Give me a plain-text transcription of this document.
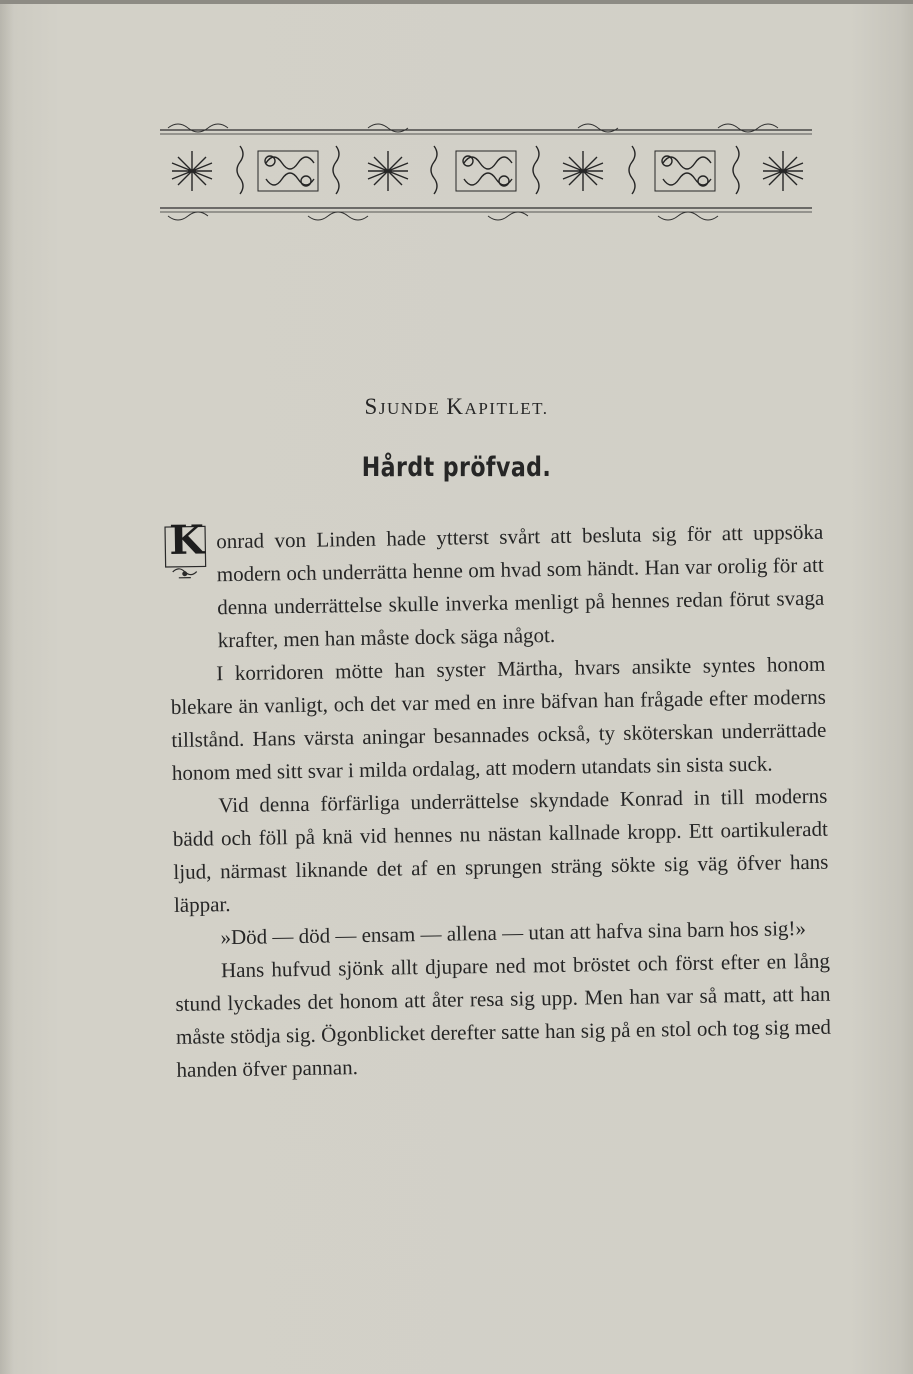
SJUNDE KAPITLET.
Hårdt pröfvad.
K onrad von Linden hade ytterst svårt att besluta sig för att uppsöka modern och underrätta henne om hvad som händt. Han var orolig för att denna underrättelse skulle inverka menligt på hennes redan förut svaga krafter, men han måste dock säga något.

I korridoren mötte han syster Märtha, hvars ansikte syntes honom blekare än vanligt, och det var med en inre bäfvan han frågade efter moderns tillstånd. Hans värsta aningar besannades också, ty sköterskan underrättade honom med sitt svar i milda ordalag, att modern utandats sin sista suck.

Vid denna förfärliga underrättelse skyndade Konrad in till moderns bädd och föll på knä vid hennes nu nästan kallnade kropp. Ett oartikuleradt ljud, närmast liknande det af en sprungen sträng sökte sig väg öfver hans läppar.

»Död — död — ensam — allena — utan att hafva sina barn hos sig!»

Hans hufvud sjönk allt djupare ned mot bröstet och först efter en lång stund lyckades det honom att åter resa sig upp. Men han var så matt, att han måste stödja sig. Ögonblicket derefter satte han sig på en stol och tog sig med handen öfver pannan.
